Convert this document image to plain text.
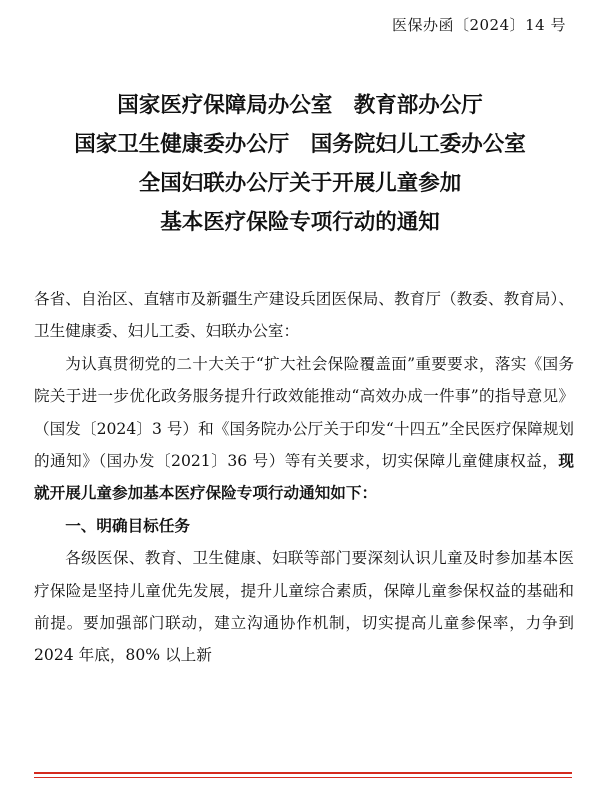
医保办函〔2024〕14 号
国家医疗保障局办公室　教育部办公厅
国家卫生健康委办公厅　国务院妇儿工委办公室
全国妇联办公厅关于开展儿童参加
基本医疗保险专项行动的通知

各省、自治区、直辖市及新疆生产建设兵团医保局、教育厅（教委、教育局）、卫生健康委、妇儿工委、妇联办公室：

为认真贯彻党的二十大关于“扩大社会保险覆盖面”重要要求，落实《国务院关于进一步优化政务服务提升行政效能推动“高效办成一件事”的指导意见》（国发〔2024〕3 号）和《国务院办公厅关于印发“十四五”全民医疗保障规划的通知》（国办发〔2021〕36 号）等有关要求，切实保障儿童健康权益，现就开展儿童参加基本医疗保险专项行动通知如下：

一、明确目标任务

各级医保、教育、卫生健康、妇联等部门要深刻认识儿童及时参加基本医疗保险是坚持儿童优先发展，提升儿童综合素质，保障儿童参保权益的基础和前提。要加强部门联动，建立沟通协作机制，切实提高儿童参保率，力争到 2024 年底，80% 以上新
